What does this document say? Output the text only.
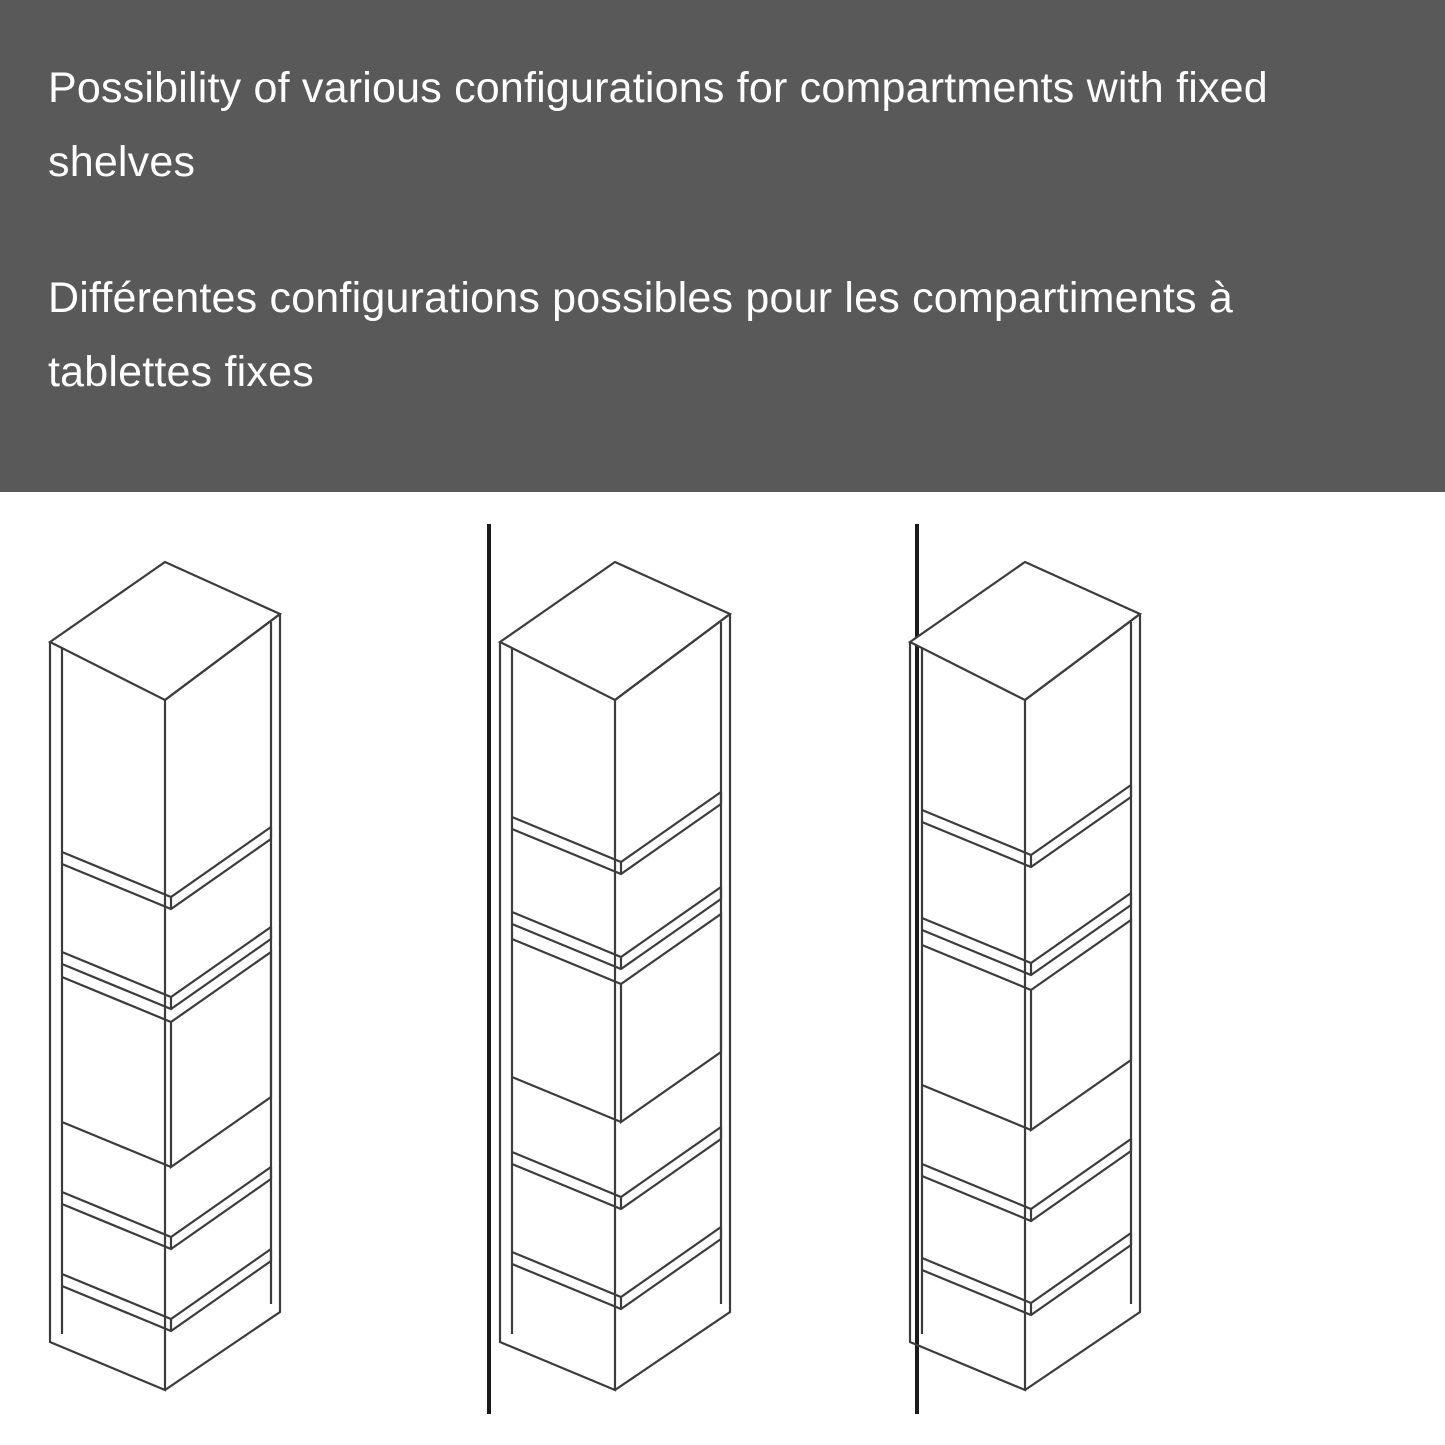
Possibility of various configurations for compartments with fixed shelves
Différentes configurations possibles pour les compartiments à tablettes fixes
